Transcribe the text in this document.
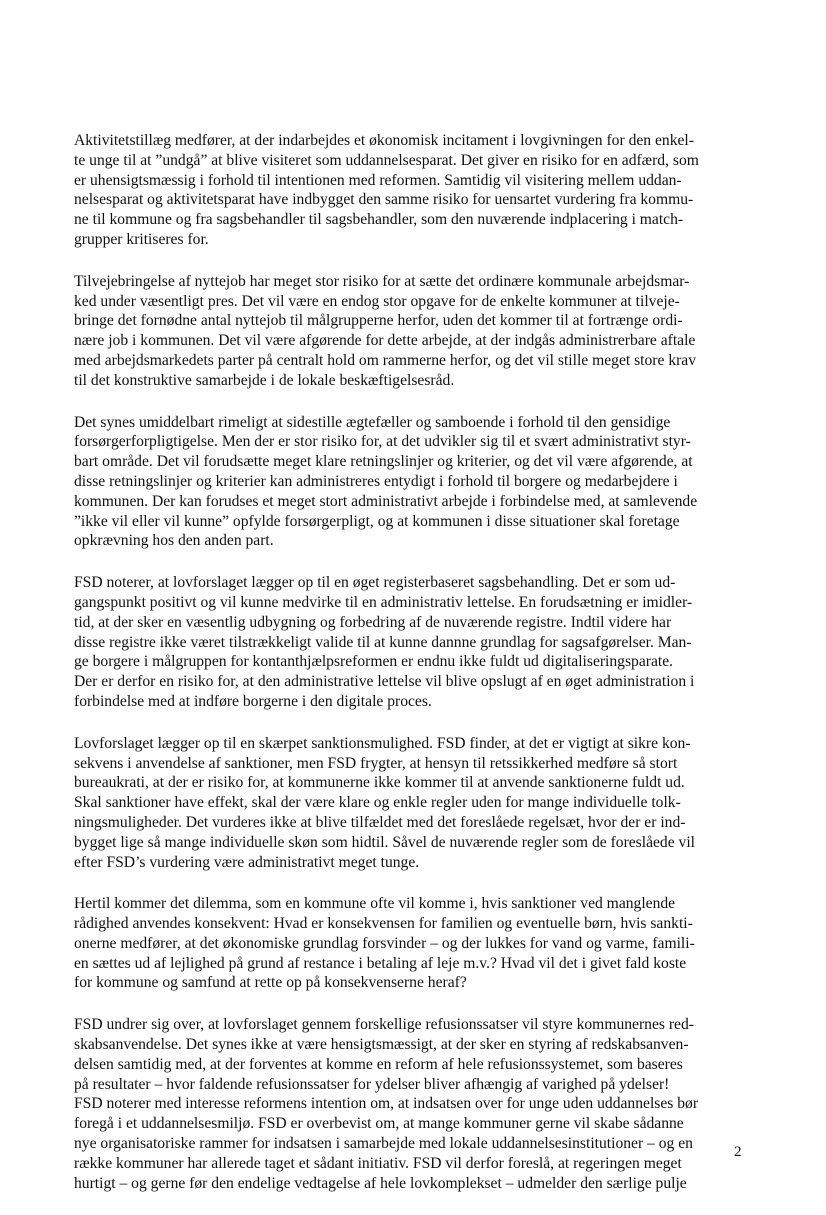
Aktivitetstillæg medfører, at der indarbejdes et økonomisk incitament i lovgivningen for den enkel-
te unge til at ”undgå” at blive visiteret som uddannelsesparat. Det giver en risiko for en adfærd, som
er uhensigtsmæssig i forhold til intentionen med reformen. Samtidig vil visitering mellem uddan-
nelsesparat og aktivitetsparat have indbygget den samme risiko for uensartet vurdering fra kommu-
ne til kommune og fra sagsbehandler til sagsbehandler, som den nuværende indplacering i match-
grupper kritiseres for.

Tilvejebringelse af nyttejob har meget stor risiko for at sætte det ordinære kommunale arbejdsmar-
ked under væsentligt pres. Det vil være en endog stor opgave for de enkelte kommuner at tilveje-
bringe det fornødne antal nyttejob til målgrupperne herfor, uden det kommer til at fortrænge ordi-
nære job i kommunen. Det vil være afgørende for dette arbejde, at der indgås administrerbare aftale
med arbejdsmarkedets parter på centralt hold om rammerne herfor, og det vil stille meget store krav
til det konstruktive samarbejde i de lokale beskæftigelsesråd.

Det synes umiddelbart rimeligt at sidestille ægtefæller og samboende i forhold til den gensidige
forsørgerforpligtigelse. Men der er stor risiko for, at det udvikler sig til et svært administrativt styr-
bart område. Det vil forudsætte meget klare retningslinjer og kriterier, og det vil være afgørende, at
disse retningslinjer og kriterier kan administreres entydigt i forhold til borgere og medarbejdere i
kommunen. Der kan forudses et meget stort administrativt arbejde i forbindelse med, at samlevende
”ikke vil eller vil kunne” opfylde forsørgerpligt, og at kommunen i disse situationer skal foretage
opkrævning hos den anden part.

FSD noterer, at lovforslaget lægger op til en øget registerbaseret sagsbehandling. Det er som ud-
gangspunkt positivt og vil kunne medvirke til en administrativ lettelse. En forudsætning er imidler-
tid, at der sker en væsentlig udbygning og forbedring af de nuværende registre. Indtil videre har
disse registre ikke været tilstrækkeligt valide til at kunne dannne grundlag for sagsafgørelser. Man-
ge borgere i målgruppen for kontanthjælpsreformen er endnu ikke fuldt ud digitaliseringsparate.
Der er derfor en risiko for, at den administrative lettelse vil blive opslugt af en øget administration i
forbindelse med at indføre borgerne i den digitale proces.

Lovforslaget lægger op til en skærpet sanktionsmulighed. FSD finder, at det er vigtigt at sikre kon-
sekvens i anvendelse af sanktioner, men FSD frygter, at hensyn til retssikkerhed medføre så stort
bureaukrati, at der er risiko for, at kommunerne ikke kommer til at anvende sanktionerne fuldt ud.
Skal sanktioner have effekt, skal der være klare og enkle regler uden for mange individuelle tolk-
ningsmuligheder. Det vurderes ikke at blive tilfældet med det foreslåede regelsæt, hvor der er ind-
bygget lige så mange individuelle skøn som hidtil. Såvel de nuværende regler som de foreslåede vil
efter FSD’s vurdering være administrativt meget tunge.

Hertil kommer det dilemma, som en kommune ofte vil komme i, hvis sanktioner ved manglende
rådighed anvendes konsekvent: Hvad er konsekvensen for familien og eventuelle børn, hvis sankti-
onerne medfører, at det økonomiske grundlag forsvinder – og der lukkes for vand og varme, famili-
en sættes ud af lejlighed på grund af restance i betaling af leje m.v.? Hvad vil det i givet fald koste
for kommune og samfund at rette op på konsekvenserne heraf?

FSD undrer sig over, at lovforslaget gennem forskellige refusionssatser vil styre kommunernes red-
skabsanvendelse. Det synes ikke at være hensigtsmæssigt, at der sker en styring af redskabsanven-
delsen samtidig med, at der forventes at komme en reform af hele refusionssystemet, som baseres
på resultater – hvor faldende refusionssatser for ydelser bliver afhængig af varighed på ydelser!
FSD noterer med interesse reformens intention om, at indsatsen over for unge uden uddannelses bør
foregå i et uddannelsesmiljø. FSD er overbevist om, at mange kommuner gerne vil skabe sådanne
nye organisatoriske rammer for indsatsen i samarbejde med lokale uddannelsesinstitutioner – og en
række kommuner har allerede taget et sådant initiativ. FSD vil derfor foreslå, at regeringen meget
hurtigt – og gerne før den endelige vedtagelse af hele lovkomplekset – udmelder den særlige pulje

2
